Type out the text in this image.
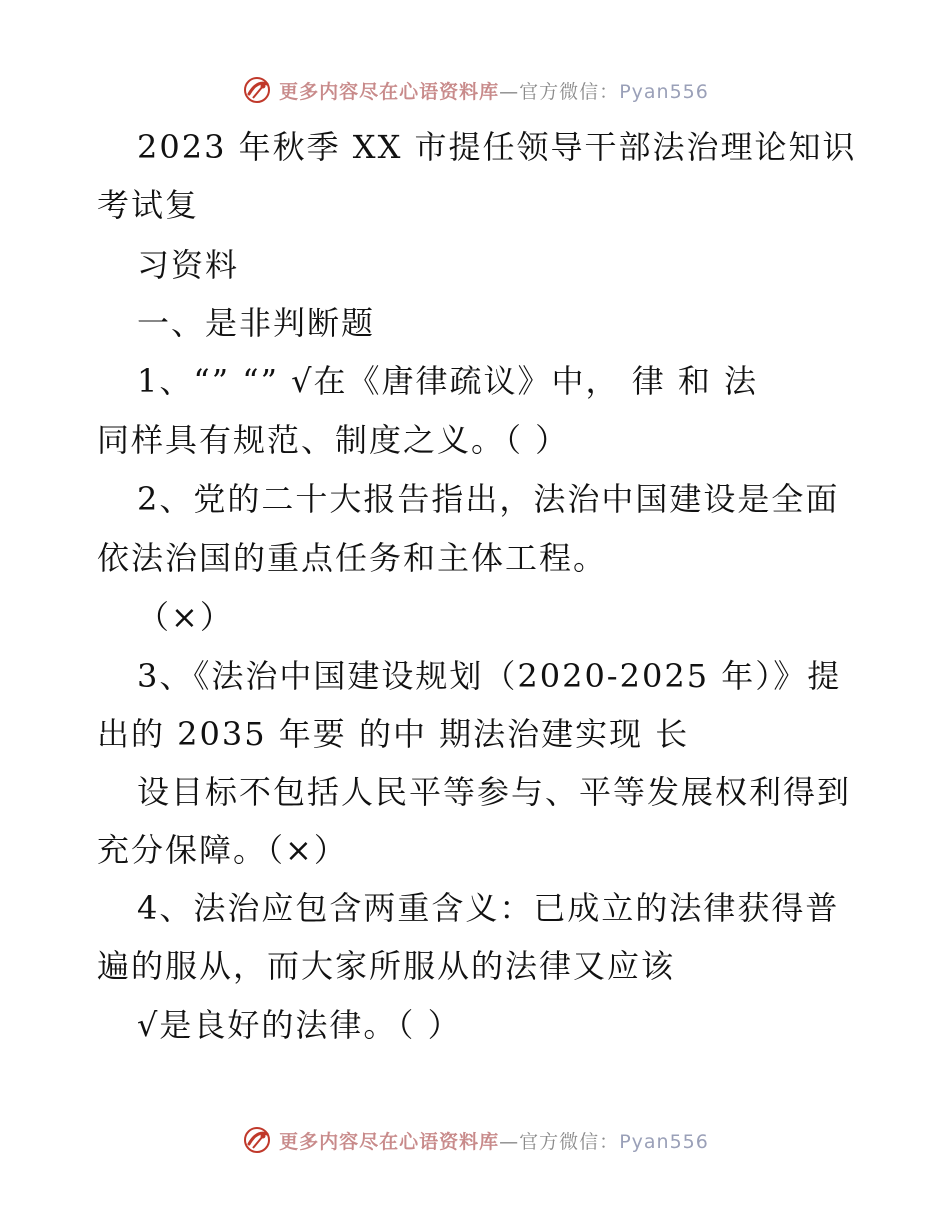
更多内容尽在心语资料库—官方微信：Pyan556
2023 年秋季 XX 市提任领导干部法治理论知识
考试复
习资料
一、是非判断题
1、“” “” √在《唐律疏议》中， 律 和 法
同样具有规范、制度之义。（ ）
2、党的二十大报告指出，法治中国建设是全面
依法治国的重点任务和主体工程。
（×）
3、《法治中国建设规划（2020-2025 年）》提
出的 2035 年要 的中 期法治建实现 长
设目标不包括人民平等参与、平等发展权利得到
充分保障。（×）
4、法治应包含两重含义：已成立的法律获得普
遍的服从，而大家所服从的法律又应该
√是良好的法律。（ ）
更多内容尽在心语资料库—官方微信：Pyan556
